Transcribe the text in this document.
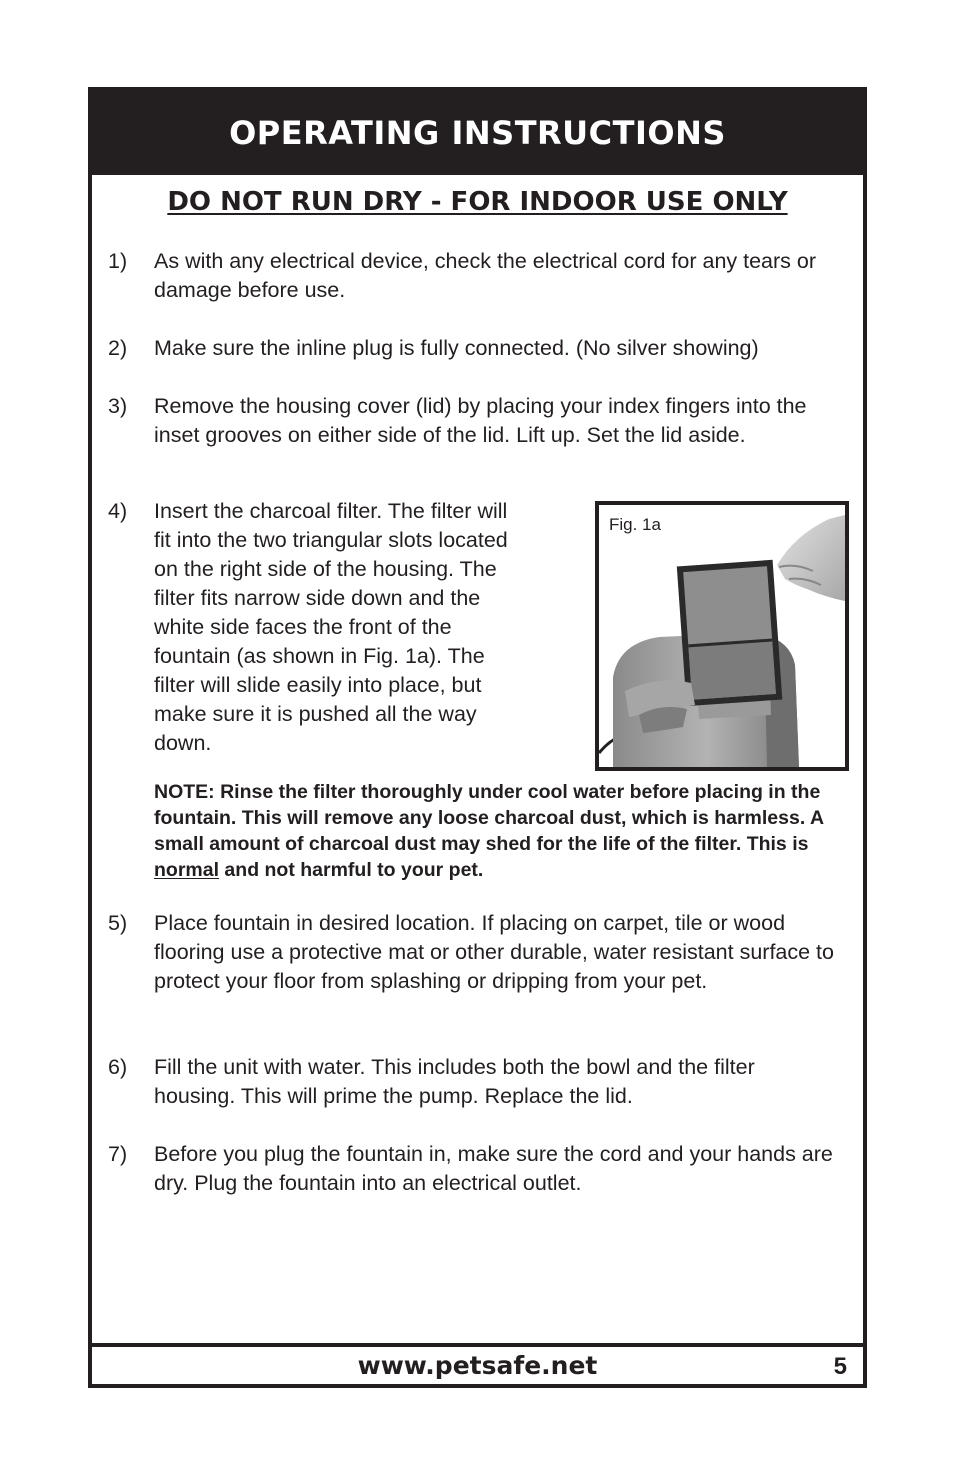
OPERATING INSTRUCTIONS
DO NOT RUN DRY - FOR INDOOR USE ONLY
1) As with any electrical device, check the electrical cord for any tears or damage before use.
2) Make sure the inline plug is fully connected. (No silver showing)
3) Remove the housing cover (lid) by placing your index fingers into the inset grooves on either side of the lid. Lift up. Set the lid aside.
4) Insert the charcoal filter. The filter will fit into the two triangular slots located on the right side of the housing. The filter fits narrow side down and the white side faces the front of the fountain (as shown in Fig. 1a). The filter will slide easily into place, but make sure it is pushed all the way down.
Fig. 1a
NOTE: Rinse the filter thoroughly under cool water before placing in the fountain. This will remove any loose charcoal dust, which is harmless. A small amount of charcoal dust may shed for the life of the filter. This is normal and not harmful to your pet.
5) Place fountain in desired location. If placing on carpet, tile or wood flooring use a protective mat or other durable, water resistant surface to protect your floor from splashing or dripping from your pet.
6) Fill the unit with water. This includes both the bowl and the filter housing. This will prime the pump. Replace the lid.
7) Before you plug the fountain in, make sure the cord and your hands are dry. Plug the fountain into an electrical outlet.
www.petsafe.net	5
